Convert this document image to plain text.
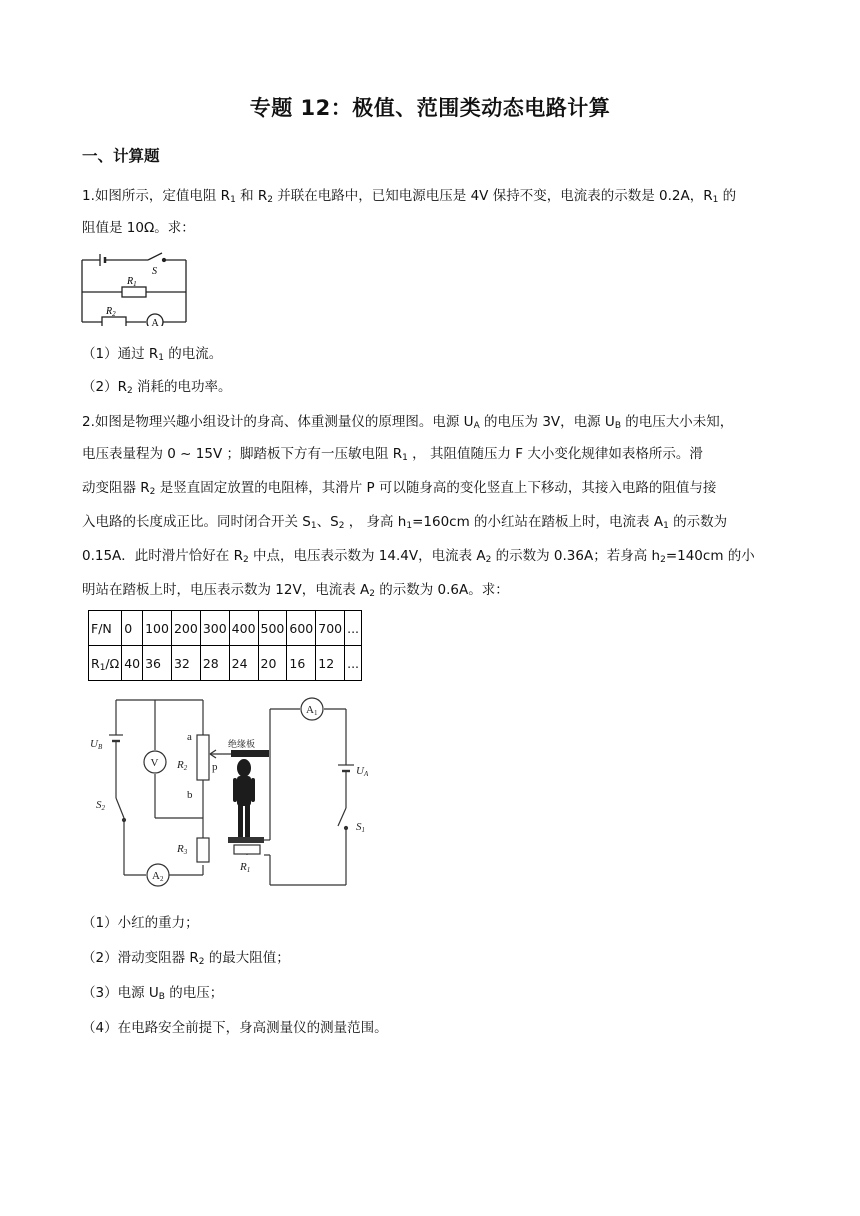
专题 12：极值、范围类动态电路计算
一、计算题
1.如图所示，定值电阻 $R_1$ 和 $R_2$ 并联在电路中，已知电源电压是 4V 保持不变，电流表的示数是 0.2A，$R_1$ 的
阻值是 10Ω。求：
S
$R_1$
$R_2$
A
（1）通过 $R_1$ 的电流。
$(2)R_2$ 消耗的电功率。
2.如图是物理兴趣小组设计的身高、体重测量仪的原理图。电源 $U_A$ 的电压为 3V，电源 $U_B$ 的电压大小未知，
电压表量程为 0 ~ 15V ；脚踏板下方有一压敏电阻 $R_1$ ， 其阻值随压力 F 大小变化规律如表格所示。滑
动变阻器 $R_2$ 是竖直固定放置的电阻棒，其滑片 P 可以随身高的变化竖直上下移动，其接入电路的阻值与接
入电路的长度成正比。同时闭合开关 $S_1$、$S_2$ ， 身高 $h_1=160cm$ 的小红站在踏板上时，电流表 $A_1$ 的示数为
0.15A．此时滑片恰好在 $R_2$ 中点，电压表示数为 14.4V，电流表 $A_2$ 的示数为 0.36A；若身高 $h_2=140cm$ 的小
明站在踏板上时，电压表示数为 12V，电流表 $A_2$ 的示数为 0.6A。求：
F/N	0	100	200	300	400	500	600	700	...
$R_1/\Omega$	40	36	32	28	24	20	16	12	...
UB
S2
R2
R3
R1
UA
S1
a
b
p
V
A1
A2
绝缘板
（1）小红的重力；
（2）滑动变阻器 $R_2$ 的最大阻值；
（3）电源 $U_B$ 的电压；
（4）在电路安全前提下，身高测量仪的测量范围。
